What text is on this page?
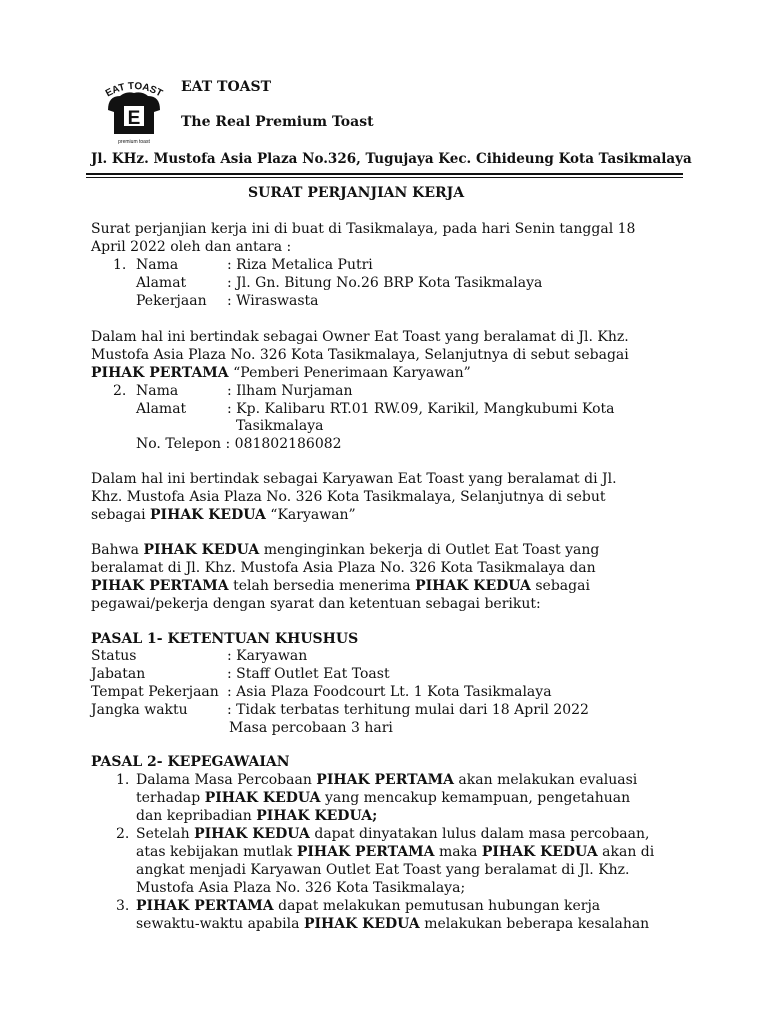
EAT TOAST
E
premium toast
EAT TOAST
The Real Premium Toast
Jl. KHz. Mustofa Asia Plaza No.326, Tugujaya Kec. Cihideung Kota Tasikmalaya
SURAT PERJANJIAN KERJA
Surat perjanjian kerja ini di buat di Tasikmalaya, pada hari Senin tanggal 18
April 2022 oleh dan antara :
1. Nama	: Riza Metalica Putri
Alamat	: Jl. Gn. Bitung No.26 BRP Kota Tasikmalaya
Pekerjaan : Wiraswasta
Dalam hal ini bertindak sebagai Owner Eat Toast yang beralamat di Jl. Khz.
Mustofa Asia Plaza No. 326 Kota Tasikmalaya, Selanjutnya di sebut sebagai
PIHAK PERTAMA “Pemberi Penerimaan Karyawan”
2. Nama	: Ilham Nurjaman
Alamat	: Kp. Kalibaru RT.01 RW.09, Karikil, Mangkubumi Kota
Tasikmalaya
No. Telepon : 081802186082
Dalam hal ini bertindak sebagai Karyawan Eat Toast yang beralamat di Jl.
Khz. Mustofa Asia Plaza No. 326 Kota Tasikmalaya, Selanjutnya di sebut
sebagai PIHAK KEDUA “Karyawan”
Bahwa PIHAK KEDUA menginginkan bekerja di Outlet Eat Toast yang
beralamat di Jl. Khz. Mustofa Asia Plaza No. 326 Kota Tasikmalaya dan
PIHAK PERTAMA telah bersedia menerima PIHAK KEDUA sebagai
pegawai/pekerja dengan syarat dan ketentuan sebagai berikut:
PASAL 1- KETENTUAN KHUSHUS
Status	: Karyawan
Jabatan	: Staff Outlet Eat Toast
Tempat Pekerjaan : Asia Plaza Foodcourt Lt. 1 Kota Tasikmalaya
Jangka waktu	: Tidak terbatas terhitung mulai dari 18 April 2022
Masa percobaan 3 hari
PASAL 2- KEPEGAWAIAN
1. Dalama Masa Percobaan PIHAK PERTAMA akan melakukan evaluasi
terhadap PIHAK KEDUA yang mencakup kemampuan, pengetahuan
dan kepribadian PIHAK KEDUA;
2. Setelah PIHAK KEDUA dapat dinyatakan lulus dalam masa percobaan,
atas kebijakan mutlak PIHAK PERTAMA maka PIHAK KEDUA akan di
angkat menjadi Karyawan Outlet Eat Toast yang beralamat di Jl. Khz.
Mustofa Asia Plaza No. 326 Kota Tasikmalaya;
3. PIHAK PERTAMA dapat melakukan pemutusan hubungan kerja
sewaktu-waktu apabila PIHAK KEDUA melakukan beberapa kesalahan
